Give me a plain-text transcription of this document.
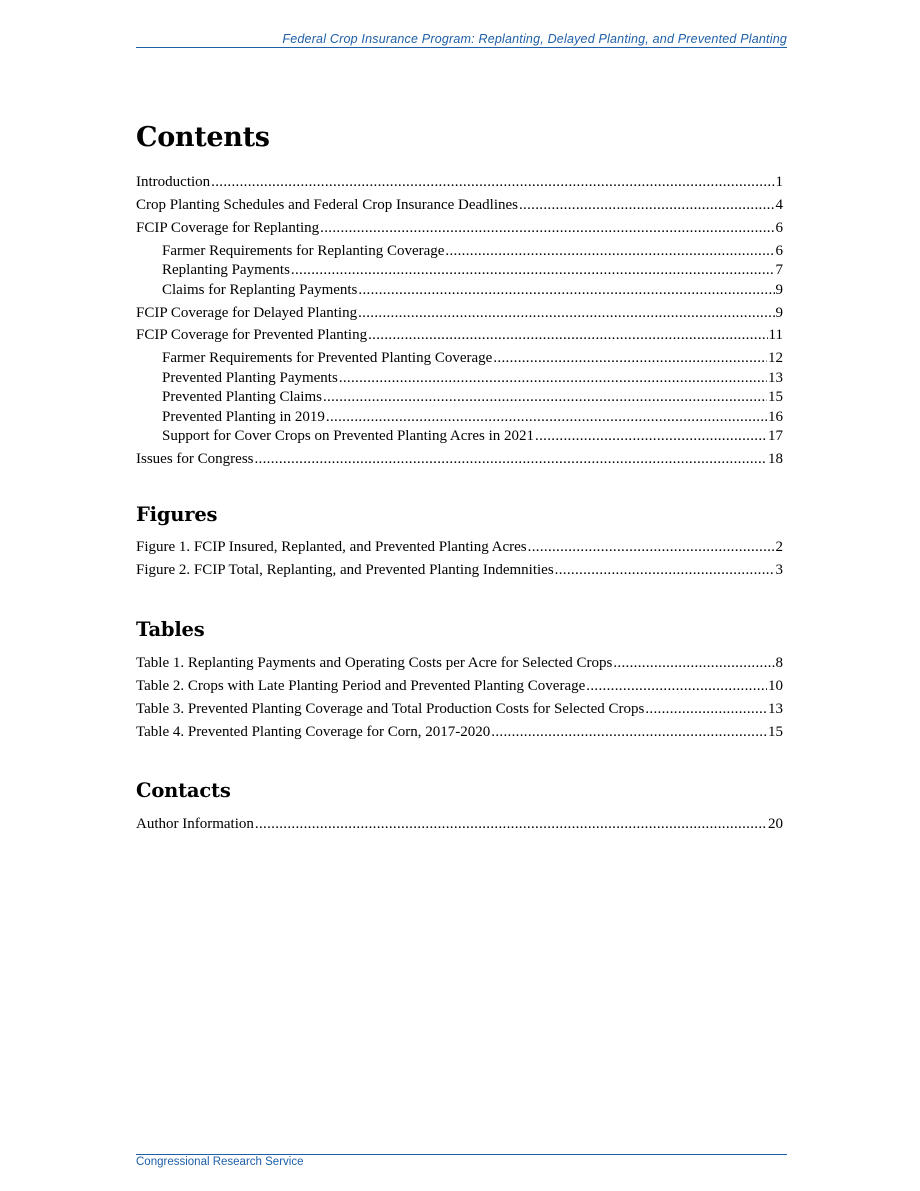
Federal Crop Insurance Program: Replanting, Delayed Planting, and Prevented Planting
Contents
Introduction . . .	1
Crop Planting Schedules and Federal Crop Insurance Deadlines . . .	4
FCIP Coverage for Replanting . . .	6
Farmer Requirements for Replanting Coverage . . .	6
Replanting Payments . . .	7
Claims for Replanting Payments . . .	9
FCIP Coverage for Delayed Planting . . .	9
FCIP Coverage for Prevented Planting . . .	11
Farmer Requirements for Prevented Planting Coverage . . .	12
Prevented Planting Payments . . .	13
Prevented Planting Claims . . .	15
Prevented Planting in 2019 . . .	16
Support for Cover Crops on Prevented Planting Acres in 2021 . . .	17
Issues for Congress . . .	18
Figures
Figure 1. FCIP Insured, Replanted, and Prevented Planting Acres . . .	2
Figure 2. FCIP Total, Replanting, and Prevented Planting Indemnities . . .	3
Tables
Table 1. Replanting Payments and Operating Costs per Acre for Selected Crops . . .	8
Table 2. Crops with Late Planting Period and Prevented Planting Coverage . . .	10
Table 3. Prevented Planting Coverage and Total Production Costs for Selected Crops . . .	13
Table 4. Prevented Planting Coverage for Corn, 2017-2020 . . .	15
Contacts
Author Information . . .	20
Congressional Research Service
